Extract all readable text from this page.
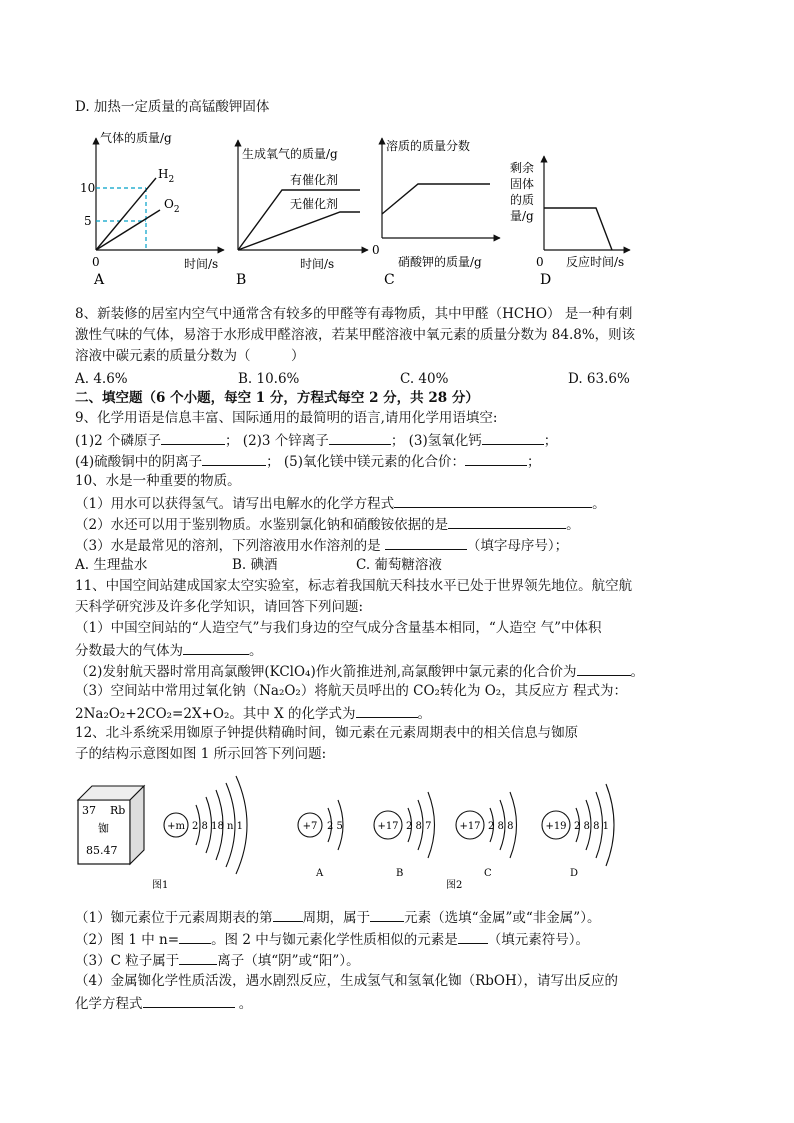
D. 加热一定质量的高锰酸钾固体
气体的质量/g
10
5
$H_2$
$O_2$
0	时间/s
A
生成氧气的质量/g
有催化剂
无催化剂
时间/s
B
溶质的质量分数
0
硝酸钾的质量/g
C
剩余
固体
的质
量/g
0 反应时间/s
D
8、新装修的居室内空气中通常含有较多的甲醛等有毒物质，其中甲醛（HCHO） 是一种有刺
激性气味的气体，易溶于水形成甲醛溶液，若某甲醛溶液中氧元素的质量分数为 84.8%，则该
溶液中碳元素的质量分数为（　　　）
A. 4.6%	B. 10.6%	C. 40%	D. 63.6%
二、填空题（6 个小题，每空 1 分，方程式每空 2 分，共 28 分）
9、化学用语是信息丰富、国际通用的最简明的语言,请用化学用语填空:
(1)2 个磷原子	； (2)3 个锌离子	； (3)氢氧化钙	；
(4)硫酸铜中的阴离子	； (5)氧化镁中镁元素的化合价：	；
10、水是一种重要的物质。
（1）用水可以获得氢气。请写出电解水的化学方程式	。
（2）水还可以用于鉴别物质。水鉴别氯化钠和硝酸铵依据的是	。
（3）水是最常见的溶剂，下列溶液用水作溶剂的是	（填字母序号）；
A. 生理盐水	B. 碘酒	C. 葡萄糖溶液
11、中国空间站建成国家太空实验室，标志着我国航天科技水平已处于世界领先地位。航空航
天科学研究涉及许多化学知识，请回答下列问题:
（1）中国空间站的“人造空气”与我们身边的空气成分含量基本相同，“人造空 气”中体积
分数最大的气体为	。
（2)发射航天器时常用高氯酸钾(KClO₄)作火箭推进剂,高氯酸钾中氯元素的化合价为	。
（3）空间站中常用过氧化钠（Na₂O₂）将航天员呼出的 CO₂转化为 O₂，其反应方 程式为：
2Na₂O₂+2CO₂=2X+O₂。其中 X 的化学式为	。
12、北斗系统采用铷原子钟提供精确时间，铷元素在元素周期表中的相关信息与铷原
子的结构示意图如图 1 所示回答下列问题:
37 Rb
铷
85.47
+m 2 8 18 n 1	+7 2 5
A
+17 2 8 7
B
+17 2 8 8
C
+19 2 8 8 1
D
图1	图2
（1）铷元素位于元素周期表的第 周期，属于	元素（选填“金属”或“非金属”）。
（2）图 1 中 n= 。图 2 中与铷元素化学性质相似的元素是 （填元素符号）。
（3）C 粒子属于	离子（填“阴”或“阳”）。
（4）金属铷化学性质活泼，遇水剧烈反应，生成氢气和氢氧化铷（RbOH），请写出反应的
化学方程式	。
